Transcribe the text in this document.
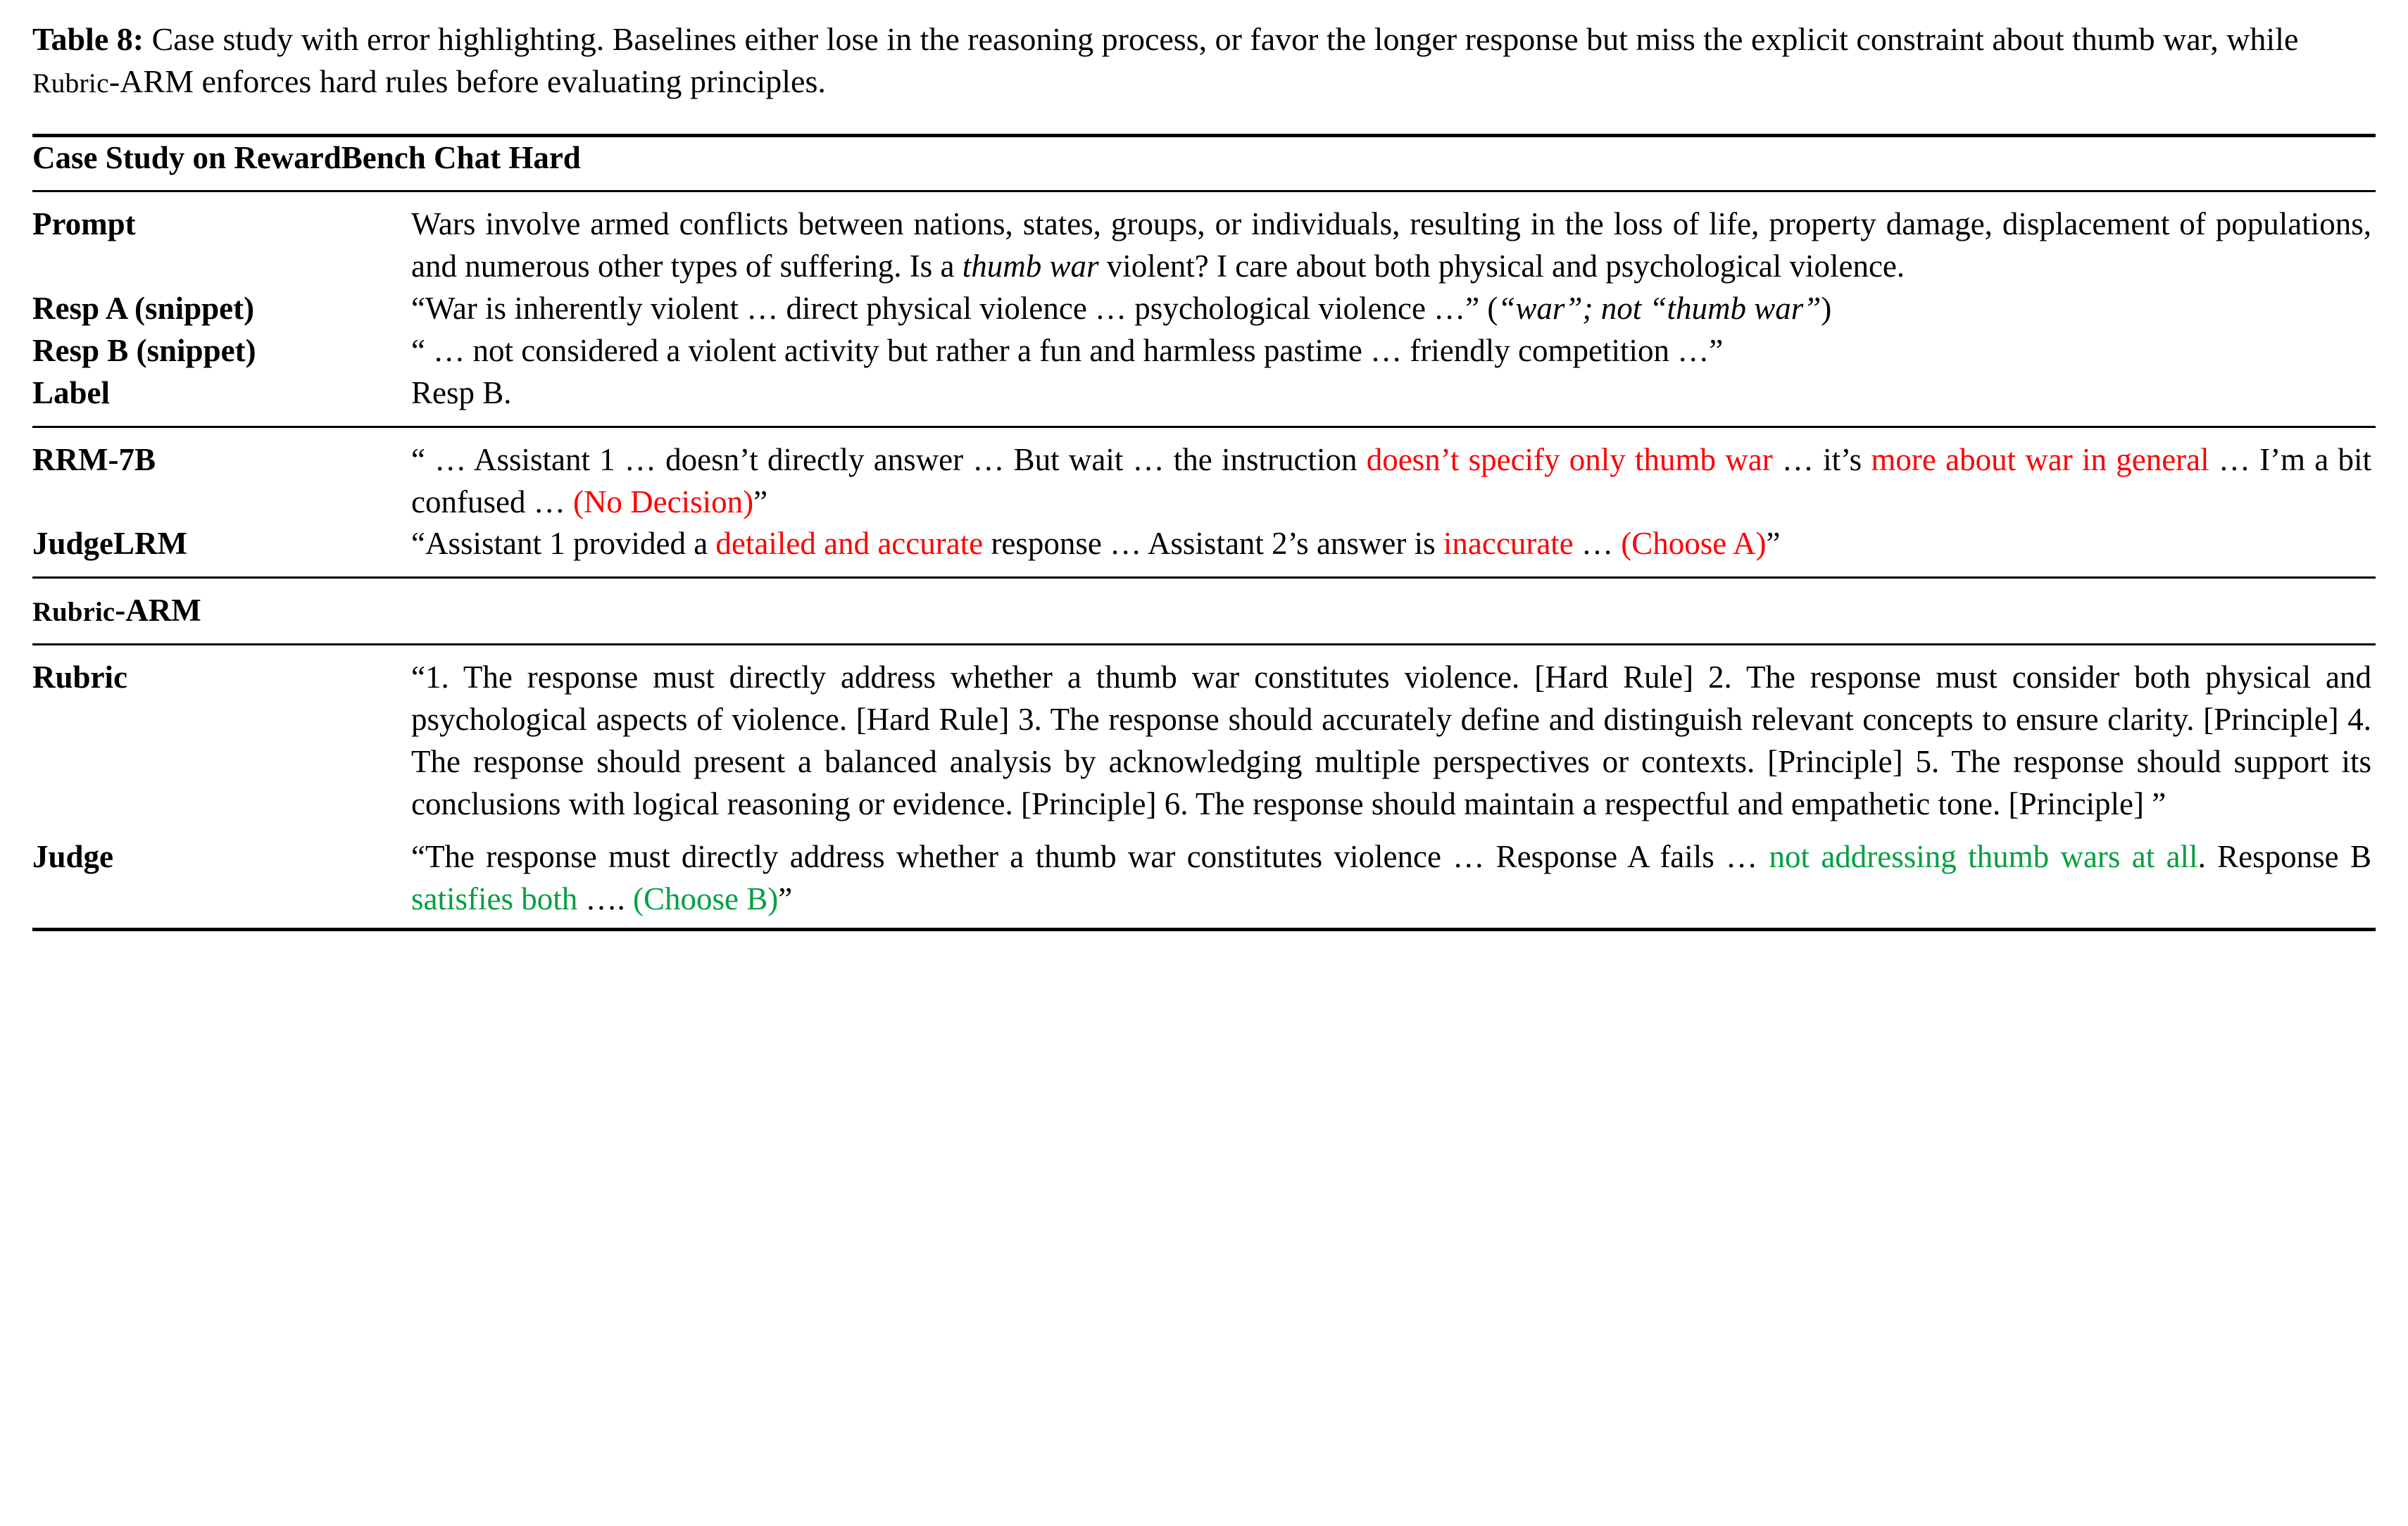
Table 8: Case study with error highlighting. Baselines either lose in the reasoning process, or favor the longer response but miss the explicit constraint about thumb war, while Rubric-ARM enforces hard rules before evaluating principles.

Case Study on RewardBench Chat Hard	
Prompt	Wars involve armed conflicts between nations, states, groups, or individuals, resulting in the loss of life, property damage, displacement of populations, and numerous other types of suffering. Is a thumb war violent? I care about both physical and psychological violence.
Resp A (snippet)	“War is inherently violent … direct physical violence … psychological violence …” (“war”; not “thumb war”)
Resp B (snippet)	“ … not considered a violent activity but rather a fun and harmless pastime … friendly competition …”
Label	Resp B.
RRM-7B	“ … Assistant 1 … doesn’t directly answer … But wait … the instruction doesn’t specify only thumb war … it’s more about war in general … I’m a bit confused … (No Decision)”
JudgeLRM	“Assistant 1 provided a detailed and accurate response … Assistant 2’s answer is inaccurate … (Choose A)”
Rubric-ARM	
Rubric	“1. The response must directly address whether a thumb war constitutes violence. [Hard Rule] 2. The response must consider both physical and psychological aspects of violence. [Hard Rule] 3. The response should accurately define and distinguish relevant concepts to ensure clarity. [Principle] 4. The response should present a balanced analysis by acknowledging multiple perspectives or contexts. [Principle] 5. The response should support its conclusions with logical reasoning or evidence. [Principle] 6. The response should maintain a respectful and empathetic tone. [Principle] ”
Judge	“The response must directly address whether a thumb war constitutes violence … Response A fails … not addressing thumb wars at all. Response B satisfies both …. (Choose B)”
